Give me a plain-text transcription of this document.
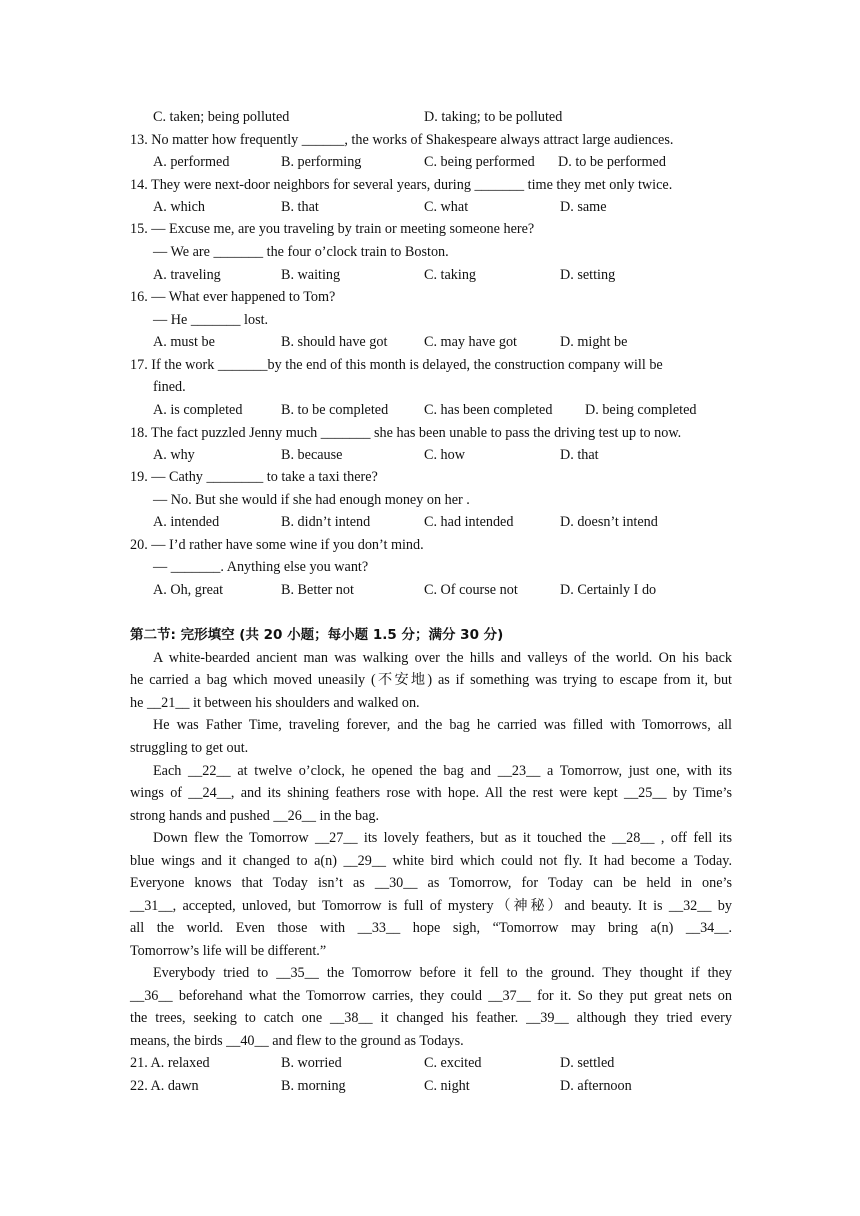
C. taken; being polluted	D. taking; to be polluted
13. No matter how frequently ______, the works of Shakespeare always attract large audiences.
A. performed	B. performing	C. being performed D. to be performed
14. They were next-door neighbors for several years, during _______ time they met only twice.
A. which	B. that	C. what	D. same
15. — Excuse me, are you traveling by train or meeting someone here?
— We are _______ the four o’clock train to Boston.
A. traveling	B. waiting	C. taking	D. setting
16. — What ever happened to Tom?
— He _______ lost.
A. must be	B. should have got	C. may have got	D. might be
17. If the work _______by the end of this month is delayed, the construction company will be
fined.
A. is completed	B. to be completed	C. has been completed D. being completed
18. The fact puzzled Jenny much _______ she has been unable to pass the driving test up to now.
A. why	B. because	C. how	D. that
19. — Cathy ________ to take a taxi there?
— No. But she would if she had enough money on her .
A. intended	B. didn’t intend	C. had intended	D. doesn’t intend
20. — I’d rather have some wine if you don’t mind.
— _______. Anything else you want?
A. Oh, great	B. Better not	C. Of course not	D. Certainly I do
第二节: 完形填空 (共 20 小题；每小题 1.5 分；满分 30 分)
A white-bearded ancient man was walking over the hills and valleys of the world. On his back
he carried a bag which moved uneasily (不安地) as if something was trying to escape from it, but
he __21__ it between his shoulders and walked on.
He was Father Time, traveling forever, and the bag he carried was filled with Tomorrows, all
struggling to get out.
Each __22__ at twelve o’clock, he opened the bag and __23__ a Tomorrow, just one, with its
wings of __24__, and its shining feathers rose with hope. All the rest were kept __25__ by Time’s
strong hands and pushed __26__ in the bag.
Down flew the Tomorrow __27__ its lovely feathers, but as it touched the __28__ , off fell its
blue wings and it changed to a(n) __29__ white bird which could not fly. It had become a Today.
Everyone knows that Today isn’t as __30__ as Tomorrow, for Today can be held in one’s
__31__, accepted, unloved, but Tomorrow is full of mystery（神秘）and beauty. It is __32__ by
all the world. Even those with __33__ hope sigh, “Tomorrow may bring a(n) __34__.
Tomorrow’s life will be different.”
Everybody tried to __35__ the Tomorrow before it fell to the ground. They thought if they
__36__ beforehand what the Tomorrow carries, they could __37__ for it. So they put great nets on
the trees, seeking to catch one __38__ it changed his feather. __39__ although they tried every
means, the birds __40__ and flew to the ground as Todays.
21. A. relaxed	B. worried	C. excited	D. settled
22. A. dawn	B. morning	C. night	D. afternoon
